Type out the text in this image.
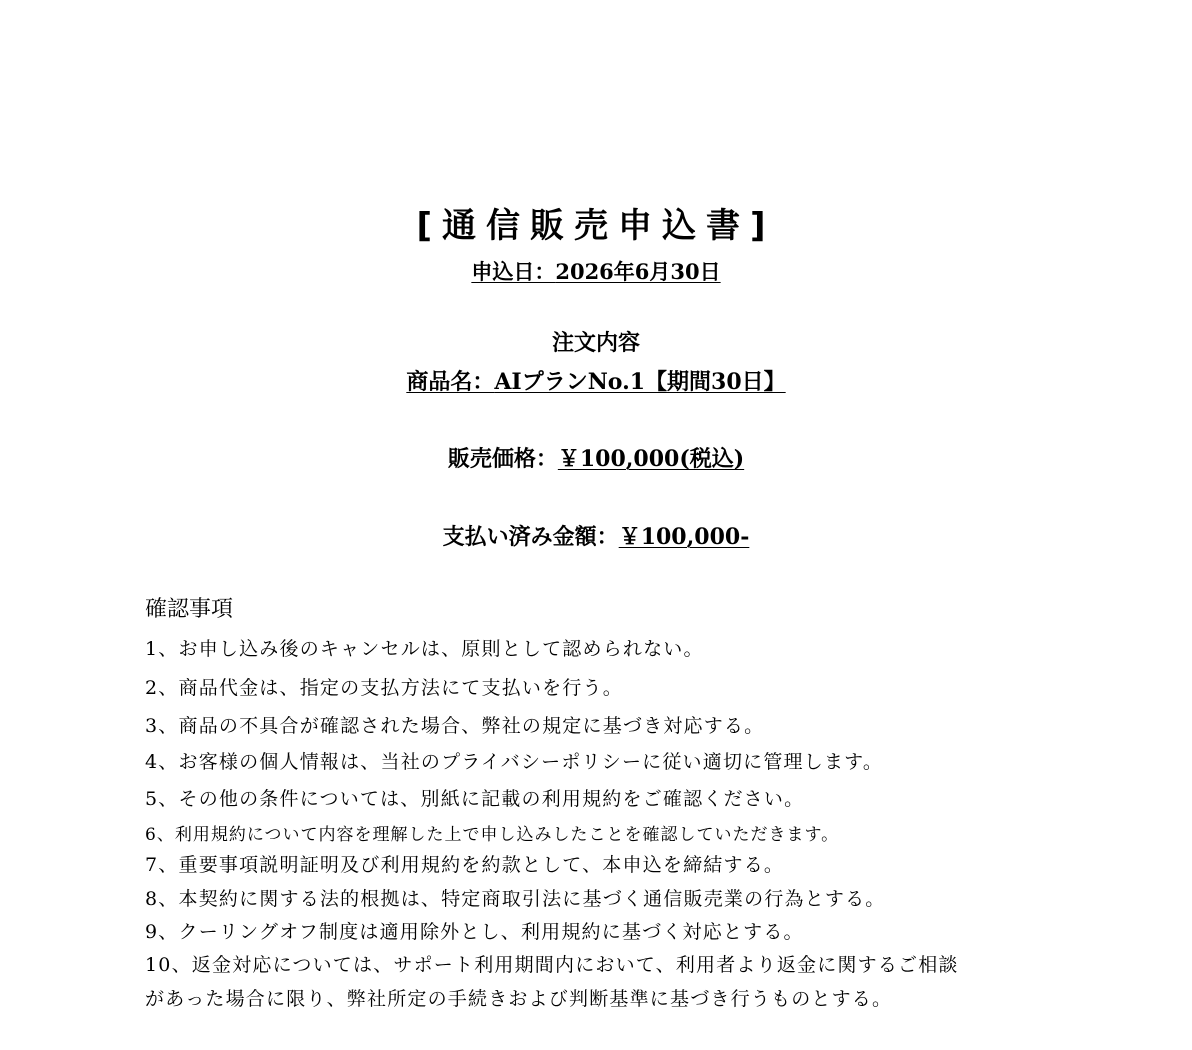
[通信販売申込書]
申込日：2026年6月30日
注文内容
商品名：AIプランNo.1【期間30日】
販売価格：￥100,000(税込)
支払い済み金額：￥100,000-
確認事項
1、お申し込み後のキャンセルは、原則として認められない。
2、商品代金は、指定の支払方法にて支払いを行う。
3、商品の不具合が確認された場合、弊社の規定に基づき対応する。
4、お客様の個人情報は、当社のプライバシーポリシーに従い適切に管理します。
5、その他の条件については、別紙に記載の利用規約をご確認ください。
6、利用規約について内容を理解した上で申し込みしたことを確認していただきます。
7、重要事項説明証明及び利用規約を約款として、本申込を締結する。
8、本契約に関する法的根拠は、特定商取引法に基づく通信販売業の行為とする。
9、クーリングオフ制度は適用除外とし、利用規約に基づく対応とする。
10、返金対応については、サポート利用期間内において、利用者より返金に関するご相談
があった場合に限り、弊社所定の手続きおよび判断基準に基づき行うものとする。
